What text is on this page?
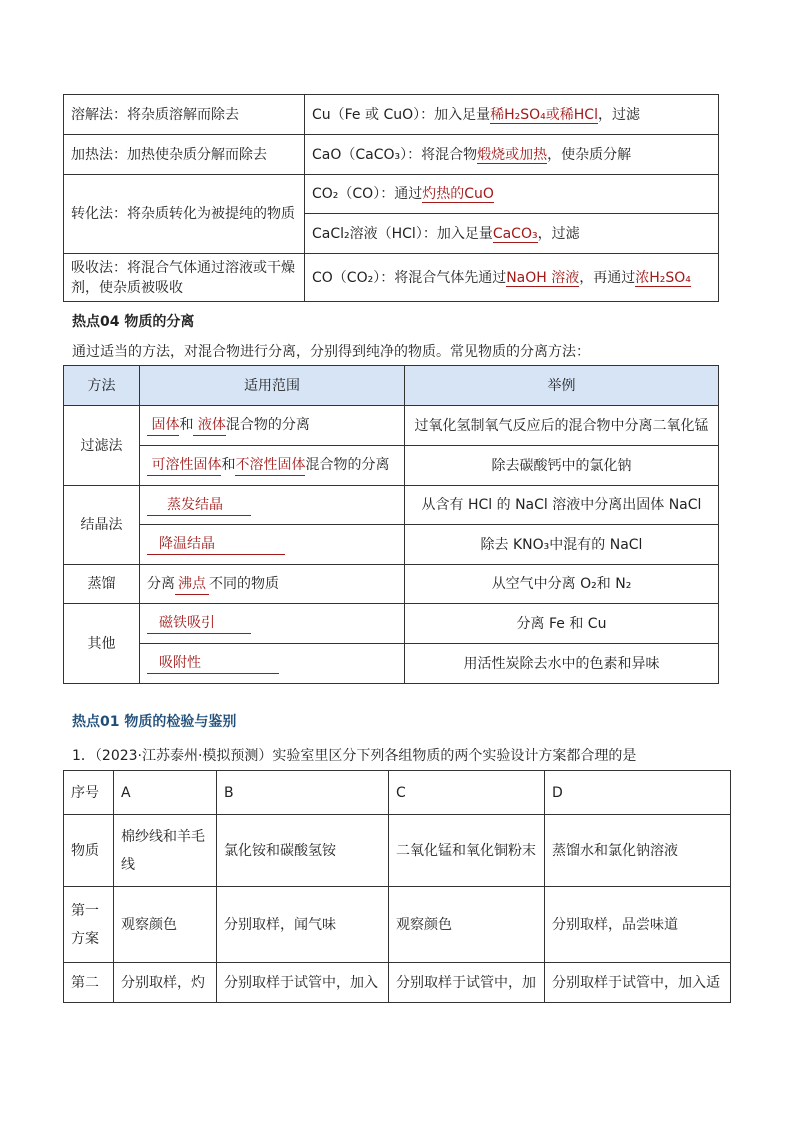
溶解法：将杂质溶解而除去	Cu（Fe 或 CuO）：加入足量稀H₂SO₄或稀HCl，过滤
加热法：加热使杂质分解而除去	CaO（CaCO₃）：将混合物煅烧或加热，使杂质分解
转化法：将杂质转化为被提纯的物质	CO₂（CO）：通过灼热的CuO
	CaCl₂溶液（HCl）：加入足量CaCO₃，过滤
吸收法：将混合气体通过溶液或干燥剂，使杂质被吸收	CO（CO₂）：将混合气体先通过NaOH 溶液，再通过浓H₂SO₄
热点04 物质的分离
通过适当的方法，对混合物进行分离，分别得到纯净的物质。常见物质的分离方法：
方法	适用范围	举例
过滤法	固体和 液体混合物的分离	过氧化氢制氧气反应后的混合物中分离二氧化锰
	可溶性固体和不溶性固体混合物的分离	除去碳酸钙中的氯化钠
结晶法	蒸发结晶	从含有 HCl 的 NaCl 溶液中分离出固体 NaCl
	降温结晶	除去 KNO₃中混有的 NaCl
蒸馏	分离 沸点 不同的物质	从空气中分离 O₂和 N₂
其他	磁铁吸引	分离 Fe 和 Cu
	吸附性	用活性炭除去水中的色素和异味
热点01 物质的检验与鉴别
1．（2023·江苏泰州·模拟预测）实验室里区分下列各组物质的两个实验设计方案都合理的是
序号	A	B	C	D
物质	棉纱线和羊毛线	氯化铵和碳酸氢铵	二氧化锰和氧化铜粉末	蒸馏水和氯化钠溶液
第一方案	观察颜色	分别取样，闻气味	观察颜色	分别取样，品尝味道
第二	分别取样，灼	分别取样于试管中，加入	分别取样于试管中，加	分别取样于试管中，加入适
